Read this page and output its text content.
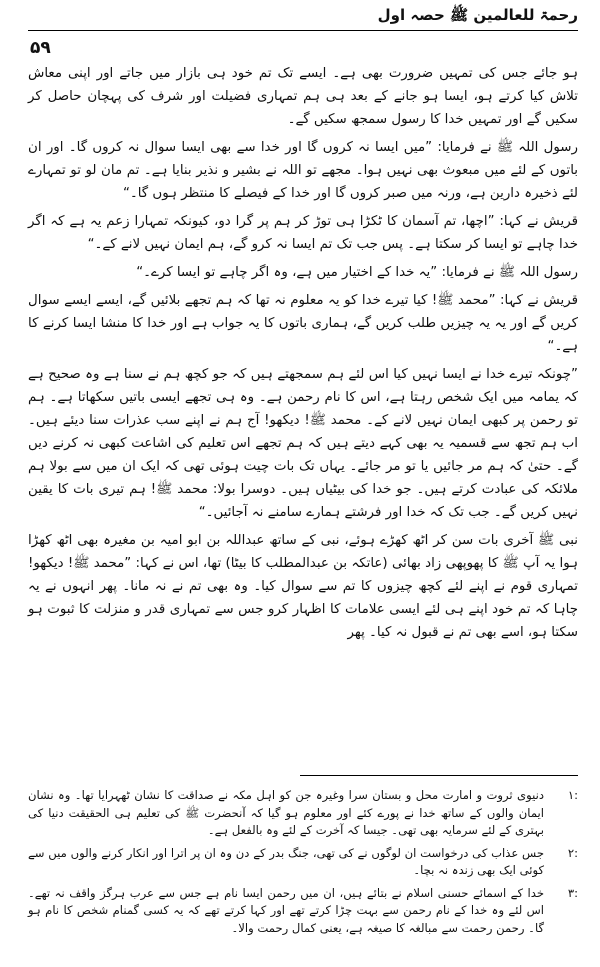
رحمۃ للعالمین ﷺ حصہ اول
۵۹

ہو جائے جس کی تمہیں ضرورت بھی ہے۔ ایسے تک تم خود ہی بازار میں جاتے اور اپنی معاش تلاش کیا کرتے ہو، ایسا ہو جانے کے بعد ہی ہم تمہاری فضیلت اور شرف کی پہچان حاصل کر سکیں گے اور تمہیں خدا کا رسول سمجھ سکیں گے۔

رسول اللہ ﷺ نے فرمایا: ”میں ایسا نہ کروں گا اور خدا سے بھی ایسا سوال نہ کروں گا۔ اور ان باتوں کے لئے میں مبعوث بھی نہیں ہوا۔ مجھے تو اللہ نے بشیر و نذیر بنایا ہے۔ تم مان لو تو تمہارے لئے ذخیرہ دارین ہے، ورنہ میں صبر کروں گا اور خدا کے فیصلے کا منتظر ہوں گا۔“

قریش نے کہا: ”اچھا، تم آسمان کا ٹکڑا ہی توڑ کر ہم پر گرا دو، کیونکہ تمہارا زعم یہ ہے کہ اگر خدا چاہے تو ایسا کر سکتا ہے۔ پس جب تک تم ایسا نہ کرو گے، ہم ایمان نہیں لانے کے۔“

رسول اللہ ﷺ نے فرمایا: ”یہ خدا کے اختیار میں ہے، وہ اگر چاہے تو ایسا کرے۔“

قریش نے کہا: ”محمد ﷺ! کیا تیرے خدا کو یہ معلوم نہ تھا کہ ہم تجھے بلائیں گے، ایسے ایسے سوال کریں گے اور یہ یہ چیزیں طلب کریں گے، ہماری باتوں کا یہ جواب ہے اور خدا کا منشا ایسا کرنے کا ہے۔“

”چونکہ تیرے خدا نے ایسا نہیں کیا اس لئے ہم سمجھتے ہیں کہ جو کچھ ہم نے سنا ہے وہ صحیح ہے کہ یمامہ میں ایک شخص رہتا ہے، اس کا نام رحمن ہے۔ وہ ہی تجھے ایسی باتیں سکھاتا ہے۔ ہم تو رحمن پر کبھی ایمان نہیں لانے کے۔ محمد ﷺ! دیکھو! آج ہم نے اپنے سب عذرات سنا دیئے ہیں۔ اب ہم تجھ سے قسمیہ یہ بھی کہے دیتے ہیں کہ ہم تجھے اس تعلیم کی اشاعت کبھی نہ کرنے دیں گے۔ حتیٰ کہ ہم مر جائیں یا تو مر جائے۔ یہاں تک بات چیت ہوئی تھی کہ ایک ان میں سے بولا ہم ملائکہ کی عبادت کرتے ہیں۔ جو خدا کی بیٹیاں ہیں۔ دوسرا بولا: محمد ﷺ! ہم تیری بات کا یقین نہیں کریں گے۔ جب تک کہ خدا اور فرشتے ہمارے سامنے نہ آجائیں۔“

نبی ﷺ آخری بات سن کر اٹھ کھڑے ہوئے، نبی کے ساتھ عبداللہ بن ابو امیہ بن مغیرہ بھی اٹھ کھڑا ہوا یہ آپ ﷺ کا پھوپھی زاد بھائی (عاتکہ بن عبدالمطلب کا بیٹا) تھا، اس نے کہا: ”محمد ﷺ! دیکھو! تمہاری قوم نے اپنے لئے کچھ چیزوں کا تم سے سوال کیا۔ وہ بھی تم نے نہ مانا۔ پھر انہوں نے یہ چاہا کہ تم خود اپنے ہی لئے ایسی علامات کا اظہار کرو جس سے تمہاری قدر و منزلت کا ثبوت ہو سکتا ہو، اسے بھی تم نے قبول نہ کیا۔ پھر

:۱
دنیوی ثروت و امارت محل و بستان سرا وغیرہ جن کو اہل مکہ نے صداقت کا نشان ٹھہرایا تھا۔ وہ نشان ایمان والوں کے ساتھ خدا نے پورے کئے اور معلوم ہو گیا کہ آنحضرت ﷺ کی تعلیم ہی الحقیقت دنیا کی بہتری کے لئے سرمایہ بھی تھی۔ جیسا کہ آخرت کے لئے وہ بالفعل ہے۔
:۲
جس عذاب کی درخواست ان لوگوں نے کی تھی، جنگ بدر کے دن وہ ان پر اترا اور انکار کرنے والوں میں سے کوئی ایک بھی زندہ نہ بچا۔
:۳
خدا کے اسمائے حسنی اسلام نے بتائے ہیں، ان میں رحمن ایسا نام ہے جس سے عرب ہرگز واقف نہ تھے۔ اس لئے وہ خدا کے نام رحمن سے بہت چڑا کرتے تھے اور کہا کرتے تھے کہ یہ کسی گمنام شخص کا نام ہو گا۔ رحمن رحمت سے مبالغہ کا صیغہ ہے، یعنی کمال رحمت والا۔
